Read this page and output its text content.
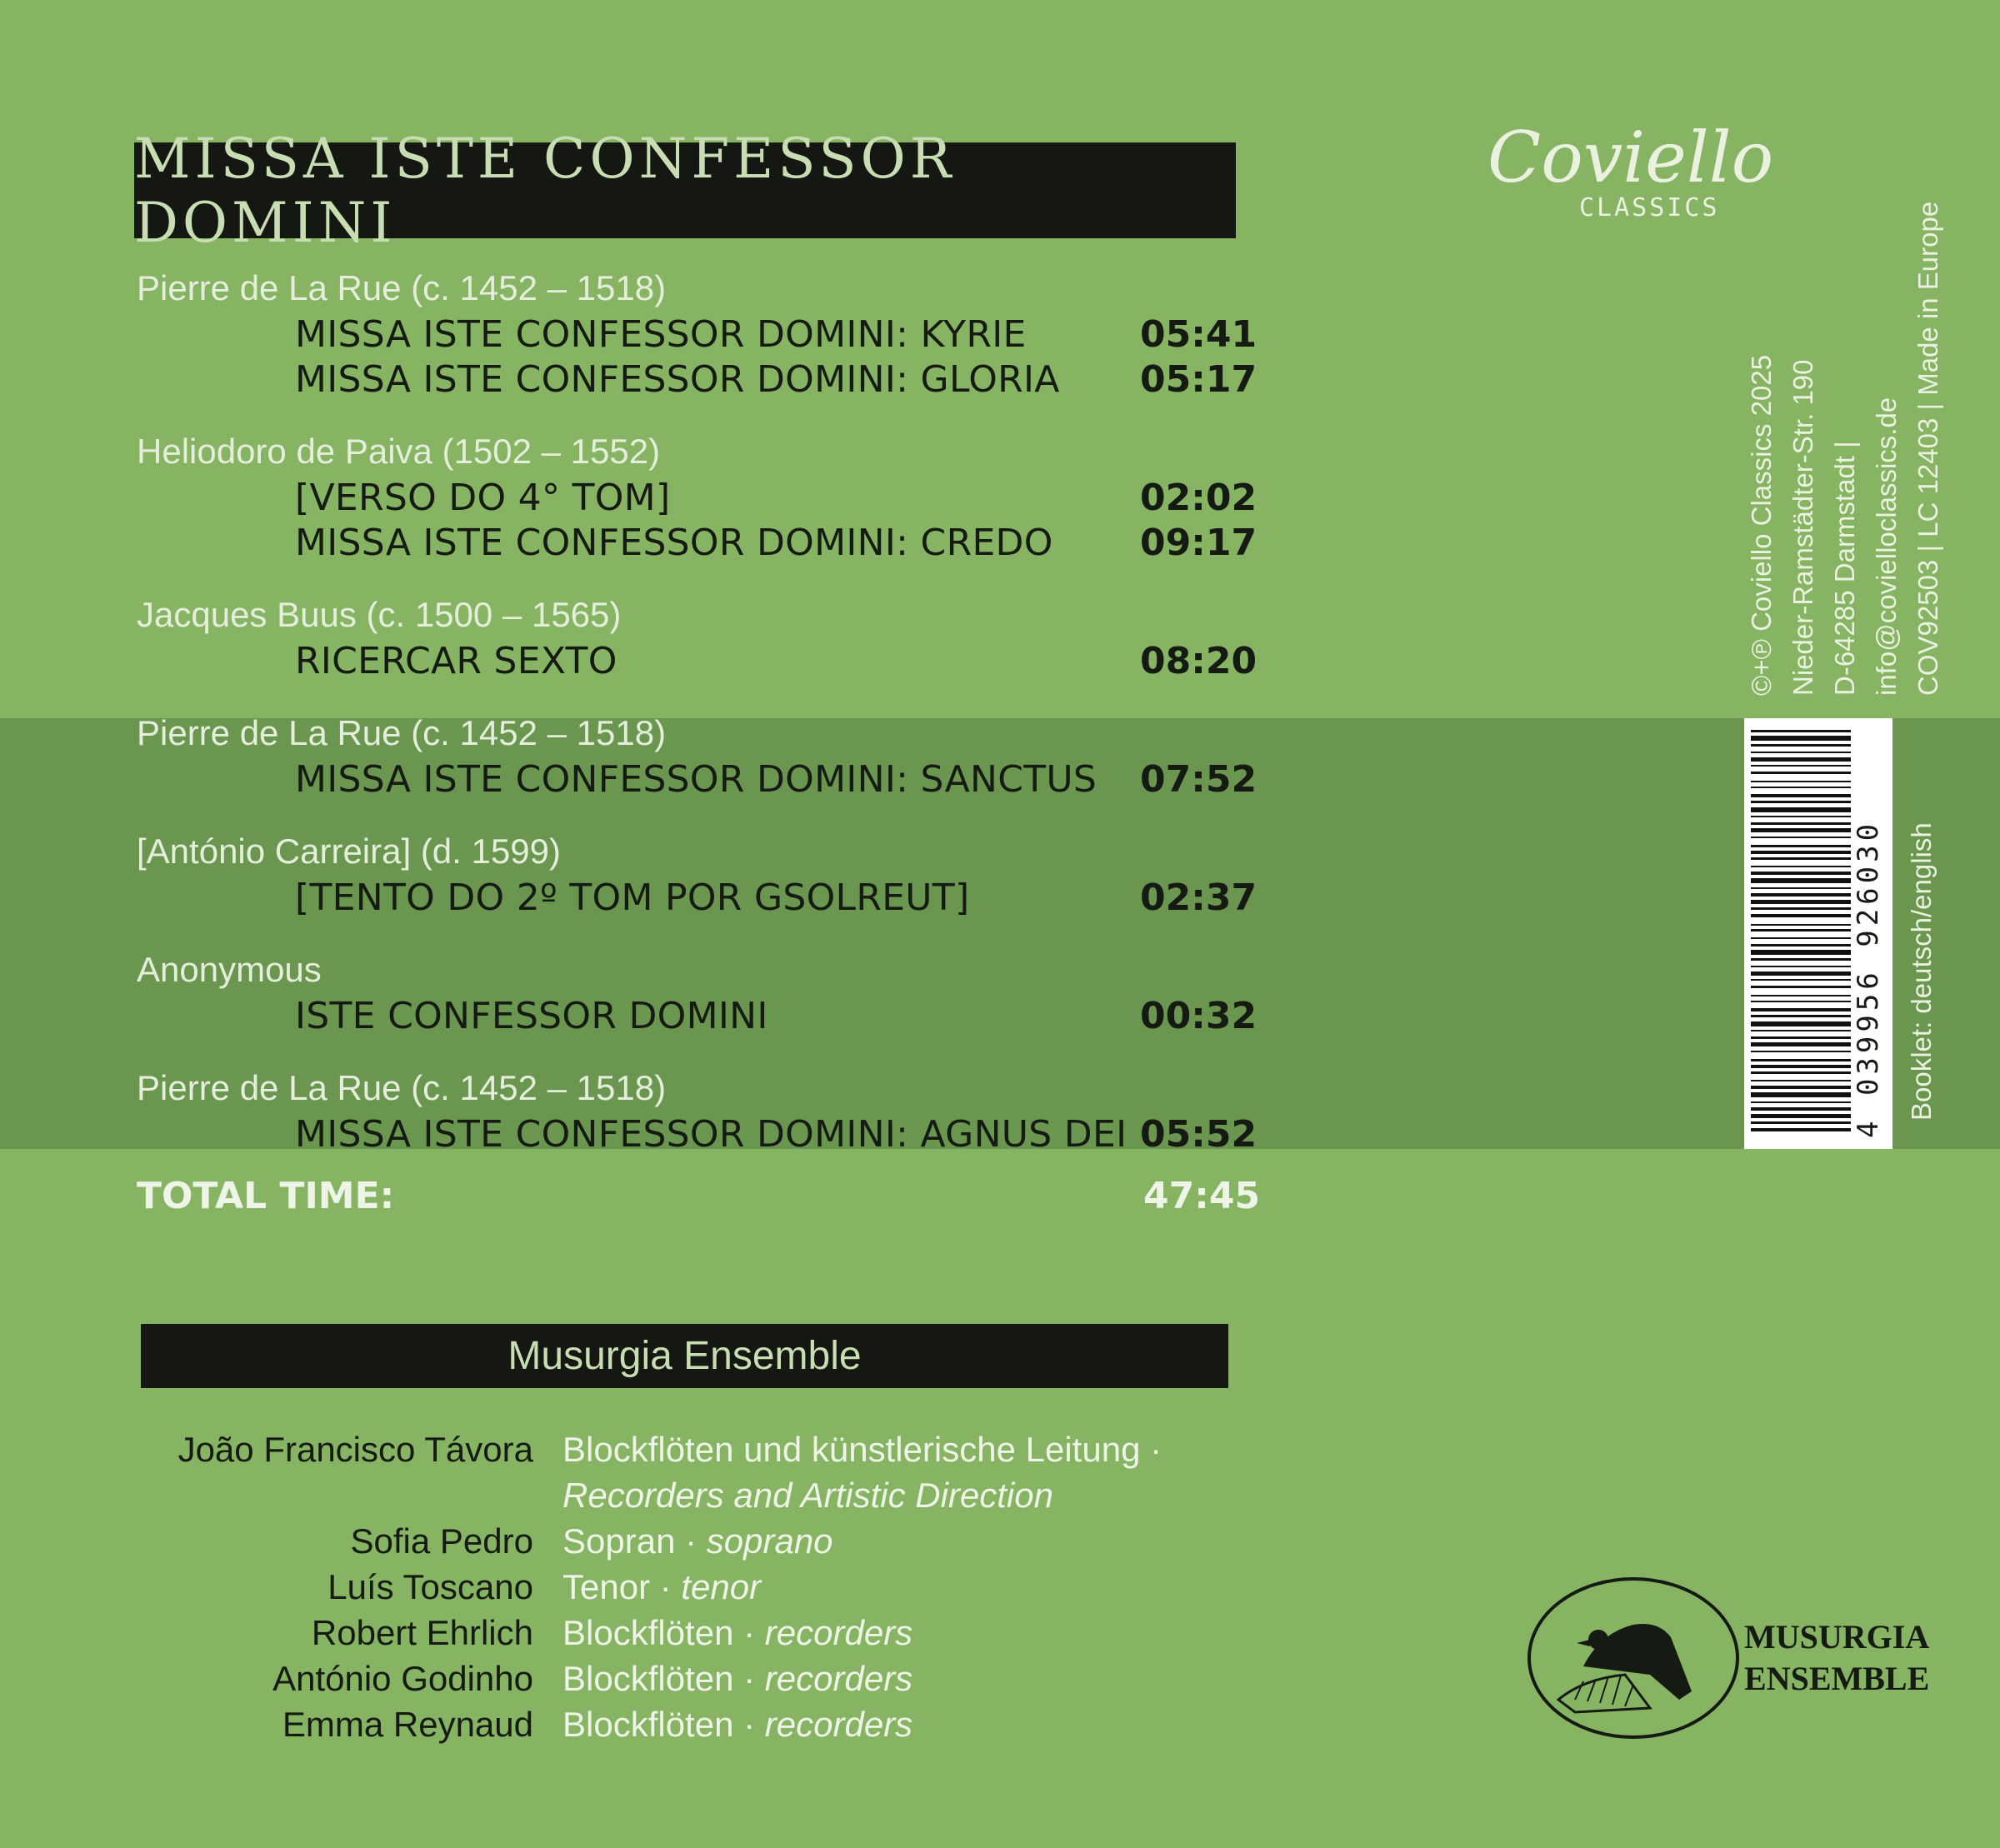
MISSA ISTE CONFESSOR DOMINI
Pierre de La Rue (c. 1452 – 1518)
MISSA ISTE CONFESSOR DOMINI: KYRIE	05:41
MISSA ISTE CONFESSOR DOMINI: GLORIA 05:17
Heliodoro de Paiva (1502 – 1552)
[VERSO DO 4° TOM]	02:02
MISSA ISTE CONFESSOR DOMINI: CREDO 09:17
Jacques Buus (c. 1500 – 1565)
RICERCAR SEXTO	08:20
Pierre de La Rue (c. 1452 – 1518)
MISSA ISTE CONFESSOR DOMINI: SANCTUS 07:52
[António Carreira] (d. 1599)
[TENTO DO 2º TOM POR GSOLREUT]	02:37
Anonymous
ISTE CONFESSOR DOMINI	00:32
Pierre de La Rue (c. 1452 – 1518)
MISSA ISTE CONFESSOR DOMINI: AGNUS DEI 05:52
TOTAL TIME:	47:45
Musurgia Ensemble
João Francisco Távora Blockflöten und künstlerische Leitung ·
Recorders and Artistic Direction
Sofia Pedro Sopran · soprano
Luís Toscano Tenor · tenor
Robert Ehrlich Blockflöten · recorders
António Godinho Blockflöten · recorders
Emma Reynaud Blockflöten · recorders
Coviello
CLASSICS
©+℗ Coviello Classics 2025 Nieder-Ramstädter-Str. 190 D-64285 Darmstadt | info@covielloclassics.de COV92503 | LC 12403 | Made in Europe
4 039956 926030 Booklet: deutsch/english
MUSURGIA
ENSEMBLE
